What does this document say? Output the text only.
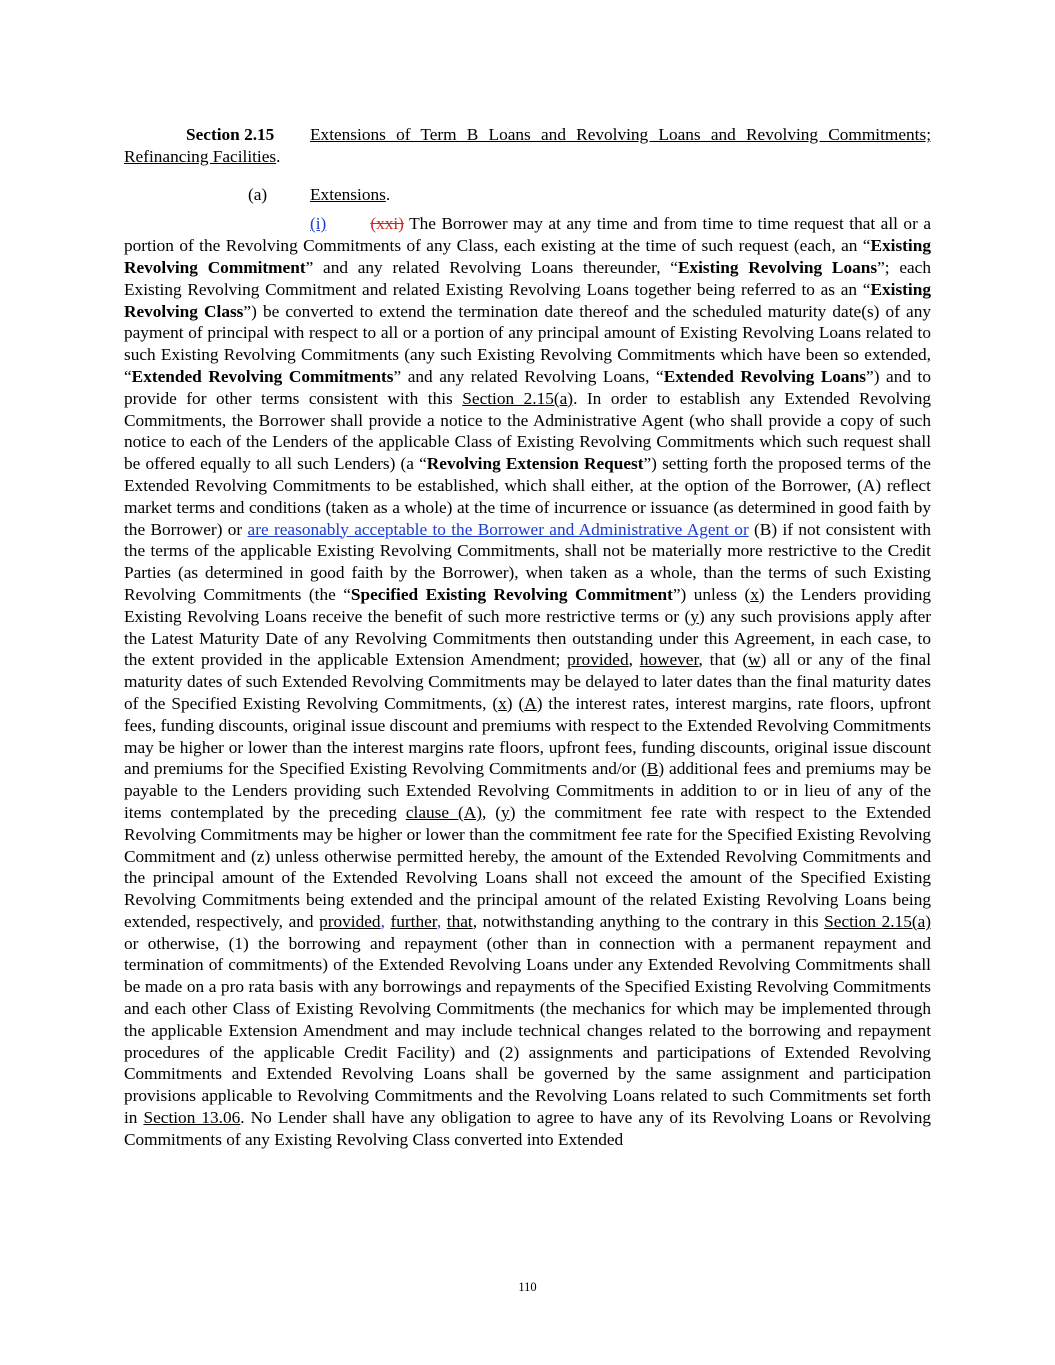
Section 2.15 Extensions of Term B Loans and Revolving Loans and Revolving Commitments; Refinancing Facilities.
(a) Extensions.

(i)	(xxi) The Borrower may at any time and from time to time request that all or a portion of the Revolving Commitments of any Class, each existing at the time of such request (each, an “Existing Revolving Commitment” and any related Revolving Loans thereunder, “Existing Revolving Loans”; each Existing Revolving Commitment and related Existing Revolving Loans together being referred to as an “Existing Revolving Class”) be converted to extend the termination date thereof and the scheduled maturity date(s) of any payment of principal with respect to all or a portion of any principal amount of Existing Revolving Loans related to such Existing Revolving Commitments (any such Existing Revolving Commitments which have been so extended, “Extended Revolving Commitments” and any related Revolving Loans, “Extended Revolving Loans”) and to provide for other terms consistent with this Section 2.15(a). In order to establish any Extended Revolving Commitments, the Borrower shall provide a notice to the Administrative Agent (who shall provide a copy of such notice to each of the Lenders of the applicable Class of Existing Revolving Commitments which such request shall be offered equally to all such Lenders) (a “Revolving Extension Request”) setting forth the proposed terms of the Extended Revolving Commitments to be established, which shall either, at the option of the Borrower, (A) reflect market terms and conditions (taken as a whole) at the time of incurrence or issuance (as determined in good faith by the Borrower) or are reasonably acceptable to the Borrower and Administrative Agent or (B) if not consistent with the terms of the applicable Existing Revolving Commitments, shall not be materially more restrictive to the Credit Parties (as determined in good faith by the Borrower), when taken as a whole, than the terms of such Existing Revolving Commitments (the “Specified Existing Revolving Commitment”) unless (x) the Lenders providing Existing Revolving Loans receive the benefit of such more restrictive terms or (y) any such provisions apply after the Latest Maturity Date of any Revolving Commitments then outstanding under this Agreement, in each case, to the extent provided in the applicable Extension Amendment; provided, however, that (w) all or any of the final maturity dates of such Extended Revolving Commitments may be delayed to later dates than the final maturity dates of the Specified Existing Revolving Commitments, (x) (A) the interest rates, interest margins, rate floors, upfront fees, funding discounts, original issue discount and premiums with respect to the Extended Revolving Commitments may be higher or lower than the interest margins rate floors, upfront fees, funding discounts, original issue discount and premiums for the Specified Existing Revolving Commitments and/or (B) additional fees and premiums may be payable to the Lenders providing such Extended Revolving Commitments in addition to or in lieu of any of the items contemplated by the preceding clause (A), (y) the commitment fee rate with respect to the Extended Revolving Commitments may be higher or lower than the commitment fee rate for the Specified Existing Revolving Commitment and (z) unless otherwise permitted hereby, the amount of the Extended Revolving Commitments and the principal amount of the Extended Revolving Loans shall not exceed the amount of the Specified Existing Revolving Commitments being extended and the principal amount of the related Existing Revolving Loans being extended, respectively, and provided, further, that, notwithstanding anything to the contrary in this Section 2.15(a) or otherwise, (1) the borrowing and repayment (other than in connection with a permanent repayment and termination of commitments) of the Extended Revolving Loans under any Extended Revolving Commitments shall be made on a pro rata basis with any borrowings and repayments of the Specified Existing Revolving Commitments and each other Class of Existing Revolving Commitments (the mechanics for which may be implemented through the applicable Extension Amendment and may include technical changes related to the borrowing and repayment procedures of the applicable Credit Facility) and (2) assignments and participations of Extended Revolving Commitments and Extended Revolving Loans shall be governed by the same assignment and participation provisions applicable to Revolving Commitments and the Revolving Loans related to such Commitments set forth in Section 13.06. No Lender shall have any obligation to agree to have any of its Revolving Loans or Revolving Commitments of any Existing Revolving Class converted into Extended

110
